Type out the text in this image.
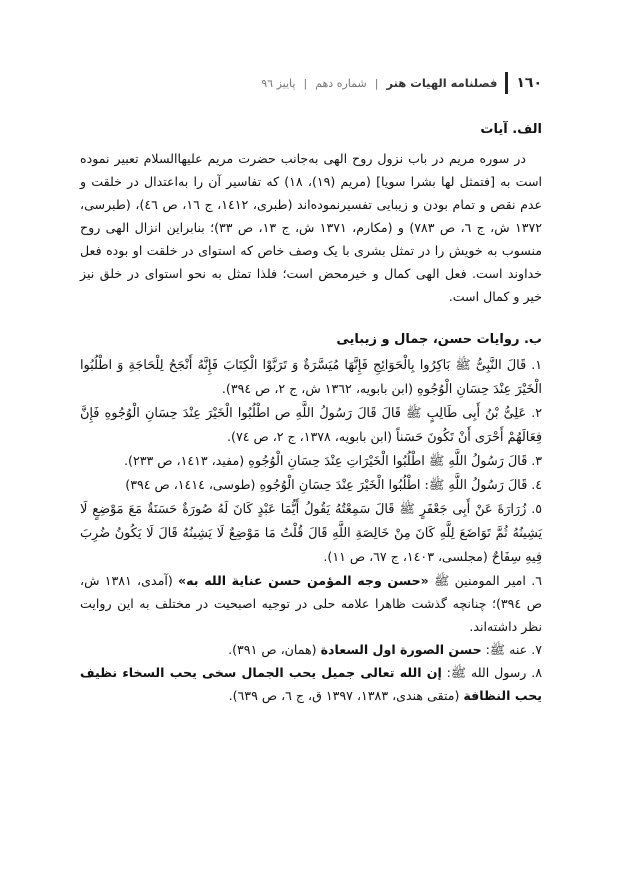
١٦٠
فصلنامه الهیات هنر
|
شماره دهم
|
پاییز ٩٦
الف. آیات

در سوره مریم در باب نزول روح الهی به‌جانب حضرت مریم علیهاالسلام تعبیر نموده است به [فتمثل لها بشرا سویا] (مریم (١٩)، ١٨) که تفاسیر آن را به‌اعتدال در خلقت و عدم نقص و تمام بودن و زیبایی تفسیرنموده‌اند (طبری، ١٤١٢، ج ١٦، ص ٤٦)، (طبرسی، ١٣٧٢ ش، ج ٦، ص ٧٨٣) و (مکارم، ١٣٧١ ش، ج ١٣، ص ٣٣)؛ بنابراین انزال الهی روح منسوب به خویش را در تمثل بشری با یک وصف خاص که استوای در خلقت او بوده فعل خداوند است. فعل الهی کمال و خیرمحض است؛ فلذا تمثل به نحو استوای در خلق نیز خیر و کمال است.

ب. روایات حسن، جمال و زیبایی

١. قَالَ النَّبِیُّ ﷺ بَاکِرُوا بِالْحَوَائِجِ فَإِنَّهَا مُیَسَّرَةٌ وَ تَرَبَّوْا الْکِتَابَ فَإِنَّهُ أَنْجَحُ لِلْحَاجَةِ وَ اطْلُبُوا الْخَیْرَ عِنْدَ حِسَانِ الْوُجُوهِ (ابن بابویه، ١٣٦٢ ش، ج ٢، ص ٣٩٤).

٢. عَلِیُّ بْنُ أَبِی طَالِبٍ ﷺ قَالَ قَالَ رَسُولُ اللَّهِ ص اطْلُبُوا الْخَیْرَ عِنْدَ حِسَانِ الْوُجُوهِ فَإِنَّ فِعَالَهُمْ أَحْرَی أَنْ تَکُونَ حَسَناً (ابن بابویه، ١٣٧٨، ج ٢، ص ٧٤).

٣. قَالَ رَسُولُ اللَّهِ ﷺ اطْلُبُوا الْخَیْرَاتِ عِنْدَ حِسَانِ الْوُجُوهِ (مفید، ١٤١٣، ص ٢٣٣).

٤. قَالَ رَسُولُ اللَّهِ ﷺ: اطْلُبُوا الْخَیْرَ عِنْدَ حِسَانِ الْوُجُوهِ (طوسی، ١٤١٤، ص ٣٩٤)

٥. زُرَارَةَ عَنْ أَبِی جَعْفَرٍ ﷺ قَالَ سَمِعْتُهُ یَقُولُ أَیُّمَا عَبْدٍ کَانَ لَهُ صُورَةٌ حَسَنَةٌ مَعَ مَوْضِعٍ لَا یَشِینُهُ ثُمَّ تَوَاضَعَ لِلَّهِ کَانَ مِنْ خَالِصَةِ اللَّهِ قَالَ قُلْتُ مَا مَوْضِعٌ لَا یَشِینُهُ قَالَ لَا یَکُونُ ضُرِبَ فِیهِ سِفَاحٌ (مجلسی، ١٤٠٣، ج ٦٧، ص ١١).

٦. امیر المومنین ﷺ «حسن وجه المؤمن حسن عنایة الله به» (آمدی، ١٣٨١ ش، ص ٣٩٤)؛ چنانچه گذشت ظاهرا علامه حلی در توجیه اصبحیت در مختلف به این روایت نظر داشته‌اند.

٧. عنه ﷺ: حسن الصورة اول السعادة (همان، ص ٣٩١).

٨. رسول الله ﷺ: إن الله تعالی جمیل یحب الجمال سخی یحب السخاء نظیف یحب النظافة (متقی هندی، ١٣٨٣، ١٣٩٧ ق، ج ٦، ص ٦٣٩).
